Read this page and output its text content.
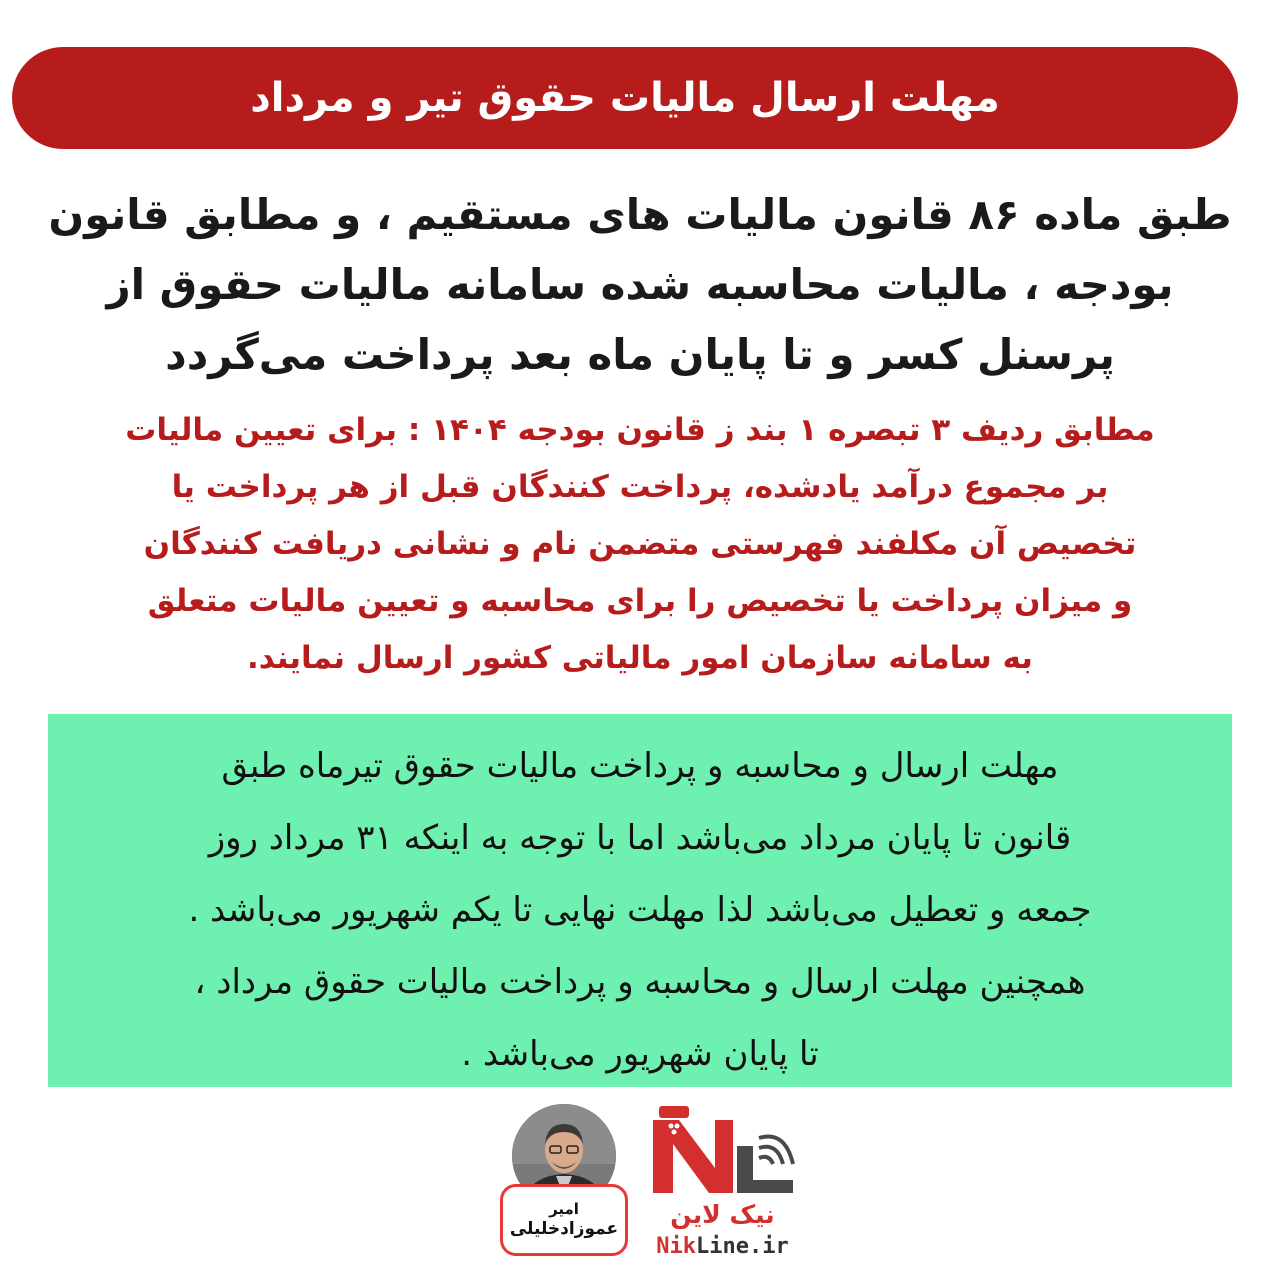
مهلت ارسال مالیات حقوق تیر و مرداد
طبق ماده ۸۶ قانون مالیات های مستقیم ، و مطابق قانون
بودجه ، مالیات محاسبه شده سامانه مالیات حقوق از
پرسنل کسر و تا پایان ماه بعد پرداخت می‌گردد
مطابق ردیف ۳ تبصره ۱ بند ز قانون بودجه ۱۴۰۴ : برای تعیین مالیات
بر مجموع درآمد یادشده، پرداخت کنندگان قبل از هر پرداخت یا
تخصیص آن مکلفند فهرستی متضمن نام و نشانی دریافت کنندگان
و میزان پرداخت یا تخصیص را برای محاسبه و تعیین مالیات متعلق
به سامانه سازمان امور مالیاتی کشور ارسال نمایند.
مهلت ارسال و محاسبه و پرداخت مالیات حقوق تیرماه طبق
قانون تا پایان مرداد می‌باشد اما با توجه به اینکه ۳۱ مرداد روز
جمعه و تعطیل می‌باشد لذا مهلت نهایی تا یکم شهریور می‌باشد .
همچنین مهلت ارسال و محاسبه و پرداخت مالیات حقوق مرداد ،
تا پایان شهریور می‌باشد .
امیر
عموزادخلیلی	نیک لاین
NikLine.ir
